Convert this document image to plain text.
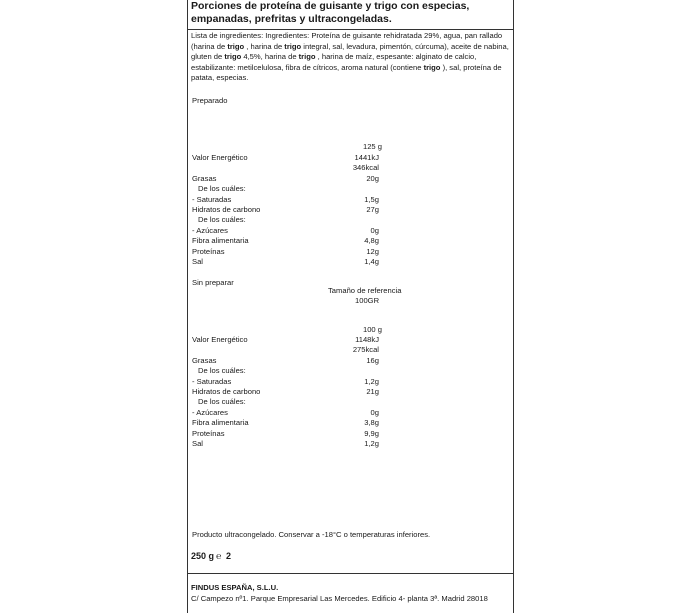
Porciones de proteína de guisante y trigo con especias, empanadas, prefritas y ultracongeladas.
Lista de ingredientes: Ingredientes: Proteína de guisante rehidratada 29%, agua, pan rallado (harina de trigo , harina de trigo integral, sal, levadura, pimentón, cúrcuma), aceite de nabina, gluten de trigo 4,5%, harina de trigo , harina de maíz, espesante: alginato de calcio, estabilizante: metilcelulosa, fibra de cítricos, aroma natural (contiene trigo ), sal, proteína de patata, especias.
Preparado
125 g
Valor Energético	1441kJ
346kcal
Grasas	20g
De los cuáles:
- Saturadas	1,5g
Hidratos de carbono	27g
De los cuáles:
- Azúcares	0g
Fibra alimentaria	4,8g
Proteínas	12g
Sal	1,4g
Sin preparar
Tamaño de referencia
100GR
100 g
Valor Energético	1148kJ
275kcal
Grasas	16g
De los cuáles:
- Saturadas	1,2g
Hidratos de carbono	21g
De los cuáles:
- Azúcares	0g
Fibra alimentaria	3,8g
Proteínas	9,9g
Sal	1,2g
Producto ultracongelado. Conservar a -18°C o temperaturas inferiores.
250 g ℮ 2
FINDUS ESPAÑA, S.L.U.
C/ Campezo nº1. Parque Empresarial Las Mercedes. Edificio 4- planta 3ª. Madrid 28018
